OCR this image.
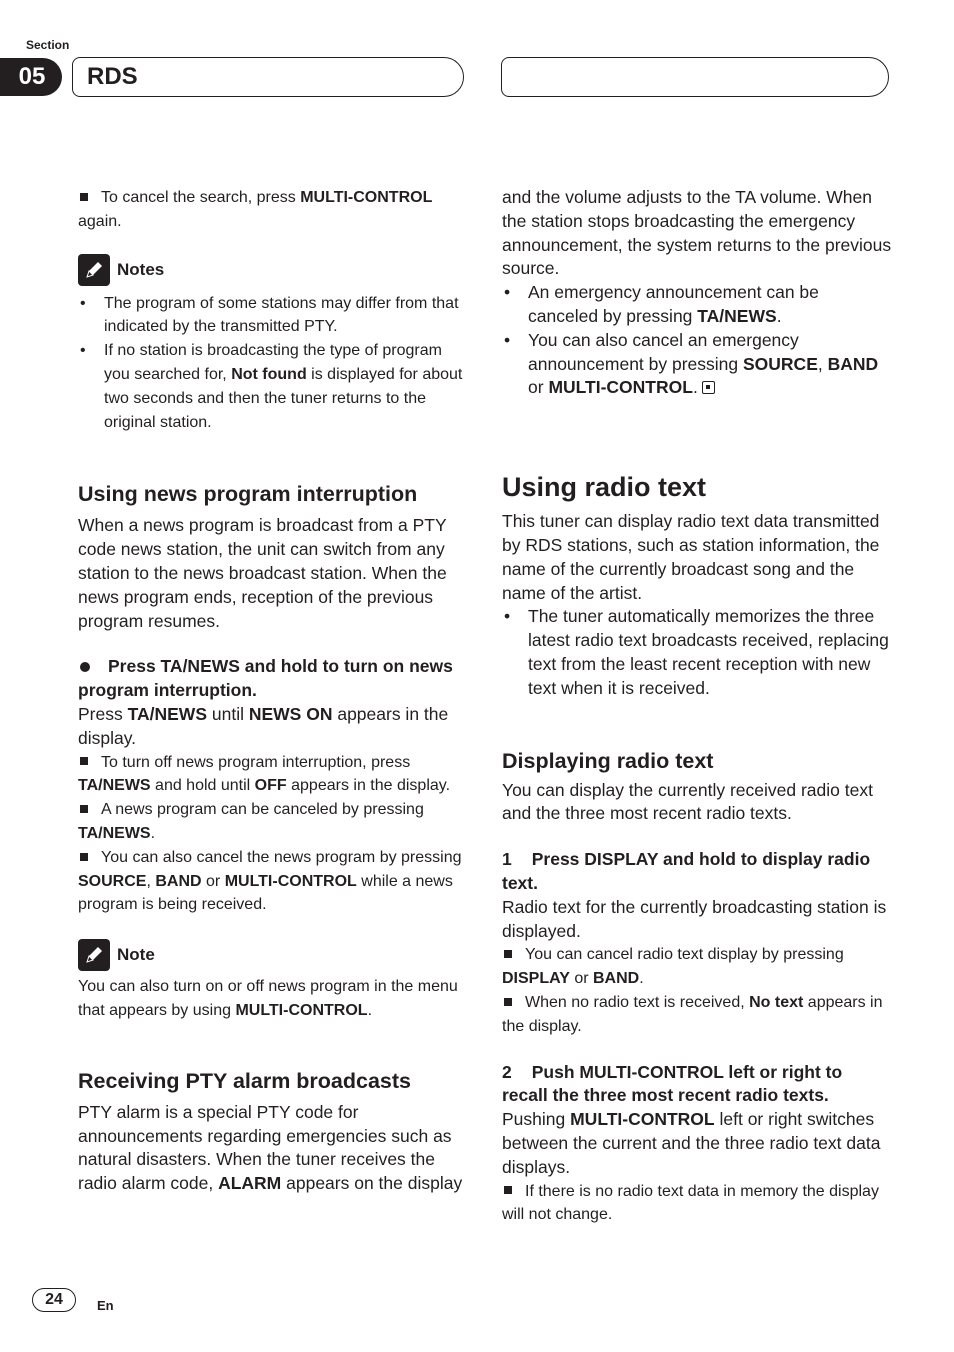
Section
05	RDS

To cancel the search, press MULTI-CONTROL again.

Notes
• The program of some stations may differ from that indicated by the transmitted PTY.
• If no station is broadcasting the type of program you searched for, Not found is displayed for about two seconds and then the tuner returns to the original station.
Using news program interruption

When a news program is broadcast from a PTY code news station, the unit can switch from any station to the news broadcast station. When the news program ends, reception of the previous program resumes.

Press TA/NEWS and hold to turn on news program interruption.

Press TA/NEWS until NEWS ON appears in the display.

To turn off news program interruption, press TA/NEWS and hold until OFF appears in the display.

A news program can be canceled by pressing TA/NEWS.

You can also cancel the news program by pressing SOURCE, BAND or MULTI-CONTROL while a news program is being received.

Note

You can also turn on or off news program in the menu that appears by using MULTI-CONTROL.

Receiving PTY alarm broadcasts

PTY alarm is a special PTY code for announcements regarding emergencies such as natural disasters. When the tuner receives the radio alarm code, ALARM appears on the display

and the volume adjusts to the TA volume. When the station stops broadcasting the emergency announcement, the system returns to the previous source.

• An emergency announcement can be canceled by pressing TA/NEWS.
• You can also cancel an emergency announcement by pressing SOURCE, BAND or MULTI-CONTROL.
Using radio text

This tuner can display radio text data transmitted by RDS stations, such as station information, the name of the currently broadcast song and the name of the artist.

• The tuner automatically memorizes the three latest radio text broadcasts received, replacing text from the least recent reception with new text when it is received.
Displaying radio text

You can display the currently received radio text and the three most recent radio texts.

1 Press DISPLAY and hold to display radio text.

Radio text for the currently broadcasting station is displayed.

You can cancel radio text display by pressing DISPLAY or BAND.

When no radio text is received, No text appears in the display.

2 Push MULTI-CONTROL left or right to recall the three most recent radio texts.

Pushing MULTI-CONTROL left or right switches between the current and the three radio text data displays.

If there is no radio text data in memory the display will not change.

24	En
